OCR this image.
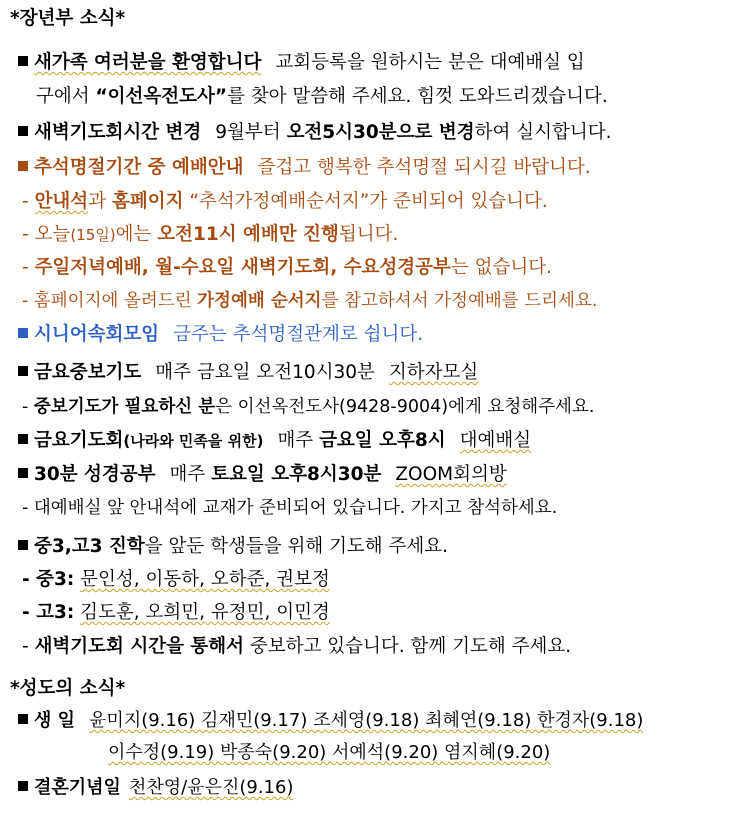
*장년부 소식*
새가족 여러분을 환영합니다 교회등록을 원하시는 분은 대예배실 입
구에서 “이선옥전도사”를 찾아 말씀해 주세요. 힘껏 도와드리겠습니다.
새벽기도회시간 변경 9월부터 오전5시30분으로 변경하여 실시합니다.
추석명절기간 중 예배안내 즐겁고 행복한 추석명절 되시길 바랍니다.
- 안내석과 홈페이지 “추석가정예배순서지”가 준비되어 있습니다.
- 오늘(15일)에는 오전11시 예배만 진행됩니다.
- 주일저녁예배, 월-수요일 새벽기도회, 수요성경공부는 없습니다.
- 홈페이지에 올려드린 가정예배 순서지를 참고하셔서 가정예배를 드리세요.
시니어속회모임 금주는 추석명절관계로 쉽니다.
금요중보기도 매주 금요일 오전10시30분 지하자모실
- 중보기도가 필요하신 분은 이선옥전도사(9428-9004)에게 요청해주세요.
금요기도회(나라와 민족을 위한) 매주 금요일 오후8시 대예배실
30분 성경공부 매주 토요일 오후8시30분 ZOOM회의방
- 대예배실 앞 안내석에 교재가 준비되어 있습니다. 가지고 참석하세요.
중3,고3 진학을 앞둔 학생들을 위해 기도해 주세요.
- 중3: 문인성, 이동하, 오하준, 권보정
- 고3: 김도훈, 오희민, 유정민, 이민경
- 새벽기도회 시간을 통해서 중보하고 있습니다. 함께 기도해 주세요.
*성도의 소식*
생 일 윤미지(9.16) 김재민(9.17) 조세영(9.18) 최혜연(9.18) 한경자(9.18)
이수정(9.19) 박종숙(9.20) 서예석(9.20) 염지혜(9.20)
결혼기념일 천찬영/윤은진(9.16)
